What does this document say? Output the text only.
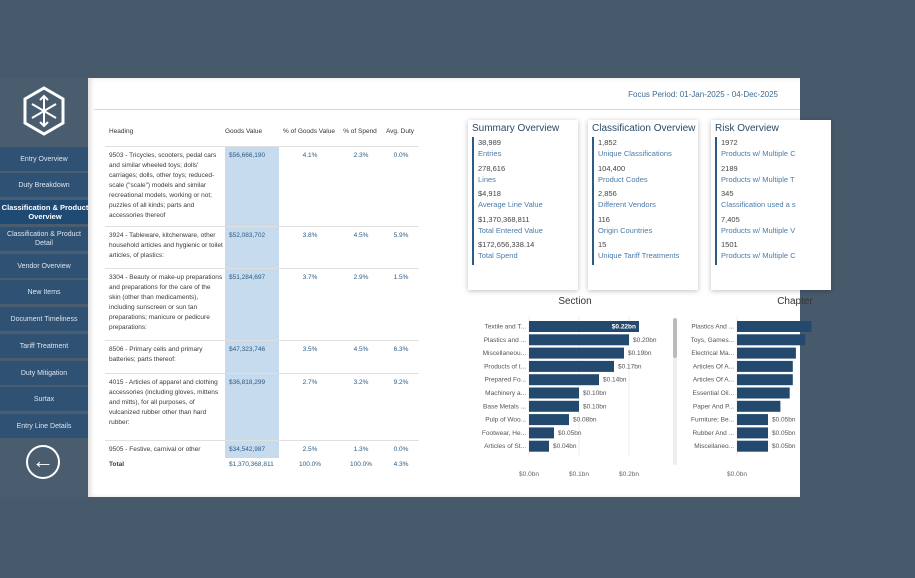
Entry Overview
Duty Breakdown
Classification & Product Overview
Classification & Product Detail
Vendor Overview
New Items
Document Timeliness
Tariff Treatment
Duty Mitigation
Surtax
Entry Line Details
←
Focus Period: 01-Jan-2025 - 04-Dec-2025
Heading	Goods Value	% of Goods Value	% of Spend	Avg. Duty
9503 - Tricycles, scooters, pedal cars and similar wheeled toys; dolls' carriages; dolls, other toys; reduced-scale ("scale") models and similar recreational models, working or not; puzzles of all kinds; parts and accessories thereof	$56,666,190	4.1%	2.3%	0.0%
3924 - Tableware, kitchenware, other household articles and hygienic or toilet articles, of plastics:	$52,083,702	3.8%	4.5%	5.9%
3304 - Beauty or make-up preparations and preparations for the care of the skin (other than medicaments), including sunscreen or sun tan preparations; manicure or pedicure preparations:	$51,284,697	3.7%	2.9%	1.5%
8506 - Primary cells and primary batteries; parts thereof:	$47,323,746	3.5%	4.5%	6.3%
4015 - Articles of apparel and clothing accessories (including gloves, mittens and mitts), for all purposes, of vulcanized rubber other than hard rubber:	$36,818,299	2.7%	3.2%	9.2%
9505 - Festive, carnival or other	$34,542,987	2.5%	1.3%	0.0%
Total	$1,370,368,811	100.0%	100.0%	4.3%
Summary Overview
38,989
Entries
278,616
Lines
$4,918
Average Line Value
$1,370,368,811
Total Entered Value
$172,656,338.14
Total Spend
Classification Overview
1,852
Unique Classifications
104,400
Product Codes
2,856
Different Vendors
116
Origin Countries
15
Unique Tariff Treatments
Risk Overview
1972
Products w/ Multiple C
2189
Products w/ Multiple T
345
Classification used a s
7,405
Products w/ Multiple V
1501
Products w/ Multiple C
Section
$0.0bn	$0.1bn	$0.2bn
Textile and T...	$0.22bn
Plastics and ...	$0.20bn
Miscellaneou...	$0.19bn
Products of t...	$0.17bn
Prepared Fo...	$0.14bn
Machinery a...	$0.10bn
Base Metals ...	$0.10bn
Pulp of Woo...	$0.08bn
Footwear, He...	$0.05bn
Articles of St...	$0.04bn
Chapter
$0.0bn
Plastics And ...
Toys, Games...
Electrical Ma...
Articles Of A...
Articles Of A...
Essential Oil...
Paper And P...
Furniture; Be...	$0.05bn
Rubber And ...	$0.05bn
Miscellaneo...	$0.05bn
